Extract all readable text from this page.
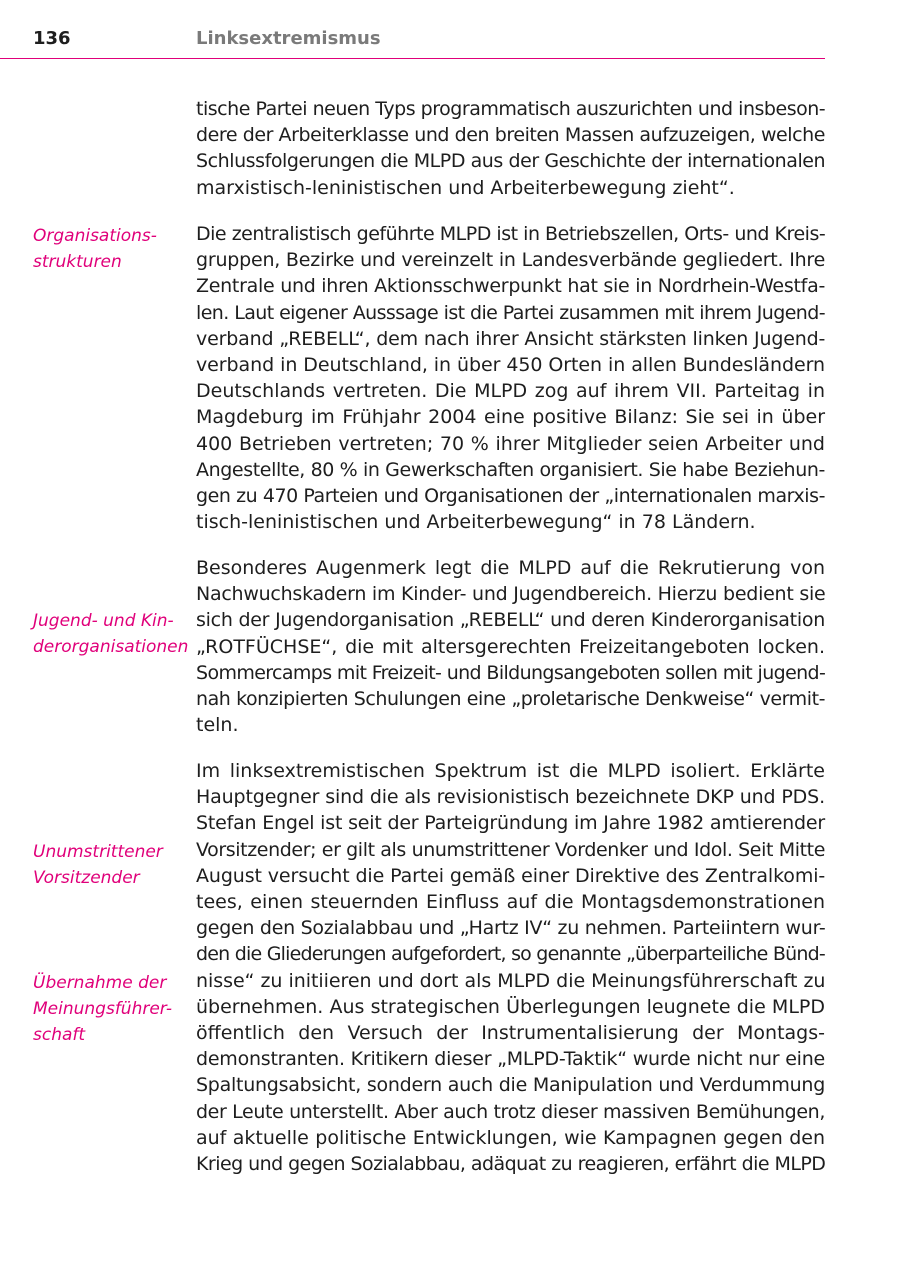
136	Linksextremismus

tische Partei neuen Typs programmatisch auszurichten und insbeson-
dere der Arbeiterklasse und den breiten Massen aufzuzeigen, welche
Schlussfolgerungen die MLPD aus der Geschichte der internationalen
marxistisch-leninistischen und Arbeiterbewegung zieht“.

Die zentralistisch geführte MLPD ist in Betriebszellen, Orts- und Kreis-
gruppen, Bezirke und vereinzelt in Landesverbände gegliedert. Ihre
Zentrale und ihren Aktionsschwerpunkt hat sie in Nordrhein-Westfa-
len. Laut eigener Ausssage ist die Partei zusammen mit ihrem Jugend-
verband „REBELL“, dem nach ihrer Ansicht stärksten linken Jugend-
verband in Deutschland, in über 450 Orten in allen Bundesländern
Deutschlands vertreten. Die MLPD zog auf ihrem VII. Parteitag in
Magdeburg im Frühjahr 2004 eine positive Bilanz: Sie sei in über
400 Betrieben vertreten; 70 % ihrer Mitglieder seien Arbeiter und
Angestellte, 80 % in Gewerkschaften organisiert. Sie habe Beziehun-
gen zu 470 Parteien und Organisationen der „internationalen marxis-
tisch-leninistischen und Arbeiterbewegung“ in 78 Ländern.

Besonderes Augenmerk legt die MLPD auf die Rekrutierung von
Nachwuchskadern im Kinder- und Jugendbereich. Hierzu bedient sie
sich der Jugendorganisation „REBELL“ und deren Kinderorganisation
„ROTFÜCHSE“, die mit altersgerechten Freizeitangeboten locken.
Sommercamps mit Freizeit- und Bildungsangeboten sollen mit jugend-
nah konzipierten Schulungen eine „proletarische Denkweise“ vermit-
teln.

Im linksextremistischen Spektrum ist die MLPD isoliert. Erklärte
Hauptgegner sind die als revisionistisch bezeichnete DKP und PDS.
Stefan Engel ist seit der Parteigründung im Jahre 1982 amtierender
Vorsitzender; er gilt als unumstrittener Vordenker und Idol. Seit Mitte
August versucht die Partei gemäß einer Direktive des Zentralkomi-
tees, einen steuernden Einfluss auf die Montagsdemonstrationen
gegen den Sozialabbau und „Hartz IV“ zu nehmen. Parteiintern wur-
den die Gliederungen aufgefordert, so genannte „überparteiliche Bünd-
nisse“ zu initiieren und dort als MLPD die Meinungsführerschaft zu
übernehmen. Aus strategischen Überlegungen leugnete die MLPD
öffentlich den Versuch der Instrumentalisierung der Montags-
demonstranten. Kritikern dieser „MLPD-Taktik“ wurde nicht nur eine
Spaltungsabsicht, sondern auch die Manipulation und Verdummung
der Leute unterstellt. Aber auch trotz dieser massiven Bemühungen,
auf aktuelle politische Entwicklungen, wie Kampagnen gegen den
Krieg und gegen Sozialabbau, adäquat zu reagieren, erfährt die MLPD

Organisations-
strukturen
Jugend- und Kin-
derorganisationen
Unumstrittener
Vorsitzender
Übernahme der
Meinungsführer-
schaft
